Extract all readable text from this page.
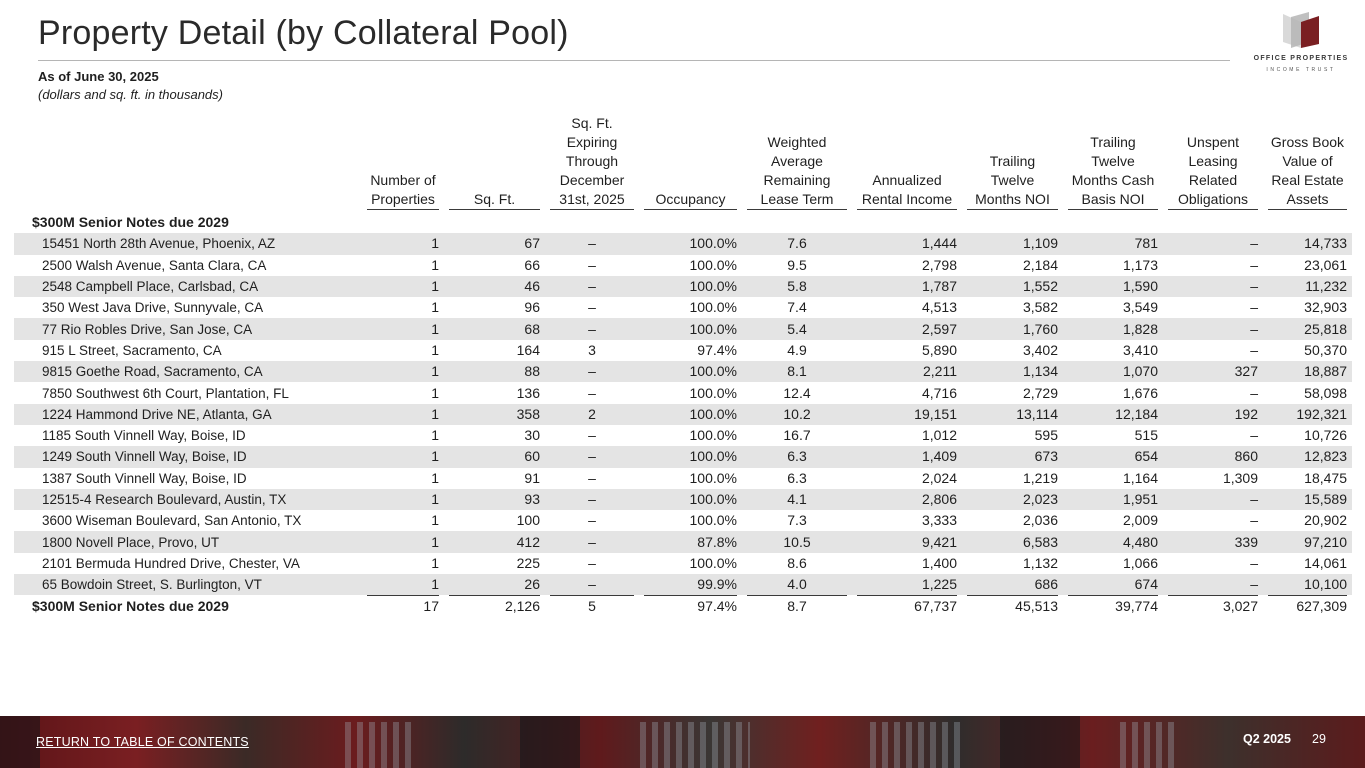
Property Detail (by Collateral Pool)
OFFICE PROPERTIES
INCOME TRUST
As of June 30, 2025
(dollars and sq. ft. in thousands)

	Number of Properties	Sq. Ft.	Sq. Ft. Expiring Through December 31st, 2025	Occupancy	Weighted Average Remaining Lease Term	Annualized Rental Income	Trailing Twelve Months NOI	Trailing Twelve Months Cash Basis NOI	Unspent Leasing Related Obligations	Gross Book Value of Real Estate Assets

$300M Senior Notes due 2029										
15451 North 28th Avenue, Phoenix, AZ	1	67	–	100.0%	7.6	1,444	1,109	781	–	14,733
2500 Walsh Avenue, Santa Clara, CA	1	66	–	100.0%	9.5	2,798	2,184	1,173	–	23,061
2548 Campbell Place, Carlsbad, CA	1	46	–	100.0%	5.8	1,787	1,552	1,590	–	11,232
350 West Java Drive, Sunnyvale, CA	1	96	–	100.0%	7.4	4,513	3,582	3,549	–	32,903
77 Rio Robles Drive, San Jose, CA	1	68	–	100.0%	5.4	2,597	1,760	1,828	–	25,818
915 L Street, Sacramento, CA	1	164	3	97.4%	4.9	5,890	3,402	3,410	–	50,370
9815 Goethe Road, Sacramento, CA	1	88	–	100.0%	8.1	2,211	1,134	1,070	327	18,887
7850 Southwest 6th Court, Plantation, FL	1	136	–	100.0%	12.4	4,716	2,729	1,676	–	58,098
1224 Hammond Drive NE, Atlanta, GA	1	358	2	100.0%	10.2	19,151	13,114	12,184	192	192,321
1185 South Vinnell Way, Boise, ID	1	30	–	100.0%	16.7	1,012	595	515	–	10,726
1249 South Vinnell Way, Boise, ID	1	60	–	100.0%	6.3	1,409	673	654	860	12,823
1387 South Vinnell Way, Boise, ID	1	91	–	100.0%	6.3	2,024	1,219	1,164	1,309	18,475
12515-4 Research Boulevard, Austin, TX	1	93	–	100.0%	4.1	2,806	2,023	1,951	–	15,589
3600 Wiseman Boulevard, San Antonio, TX	1	100	–	100.0%	7.3	3,333	2,036	2,009	–	20,902
1800 Novell Place, Provo, UT	1	412	–	87.8%	10.5	9,421	6,583	4,480	339	97,210
2101 Bermuda Hundred Drive, Chester, VA	1	225	–	100.0%	8.6	1,400	1,132	1,066	–	14,061
65 Bowdoin Street, S. Burlington, VT	1	26	–	99.9%	4.0	1,225	686	674	–	10,100
$300M Senior Notes due 2029	17	2,126	5	97.4%	8.7	67,737	45,513	39,774	3,027	627,309
RETURN TO TABLE OF CONTENTS	Q2 2025 29
